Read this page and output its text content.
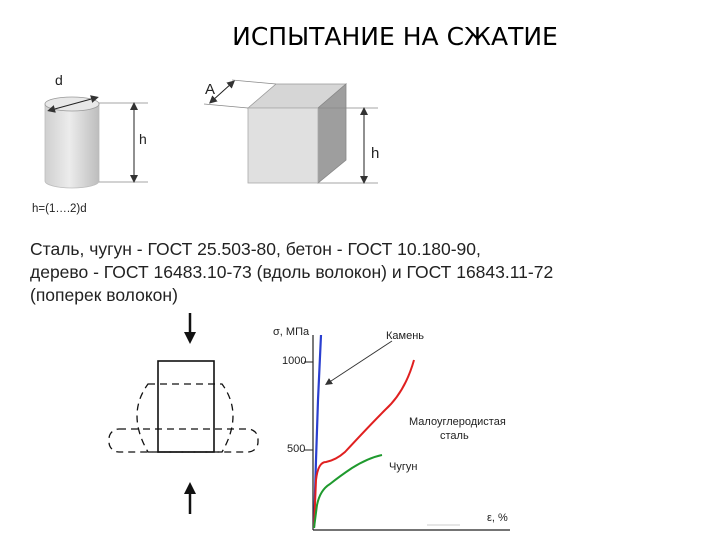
ИСПЫТАНИЕ НА СЖАТИЕ
d
h
h=(1….2)d
A
h
Сталь, чугун - ГОСТ 25.503-80, бетон - ГОСТ 10.180-90,
дерево - ГОСТ 16483.10-73 (вдоль волокон) и ГОСТ 16843.11-72
(поперек волокон)
σ, МПа
1000
500
Камень
Малоуглеродистая
сталь
Чугун
ε, %
